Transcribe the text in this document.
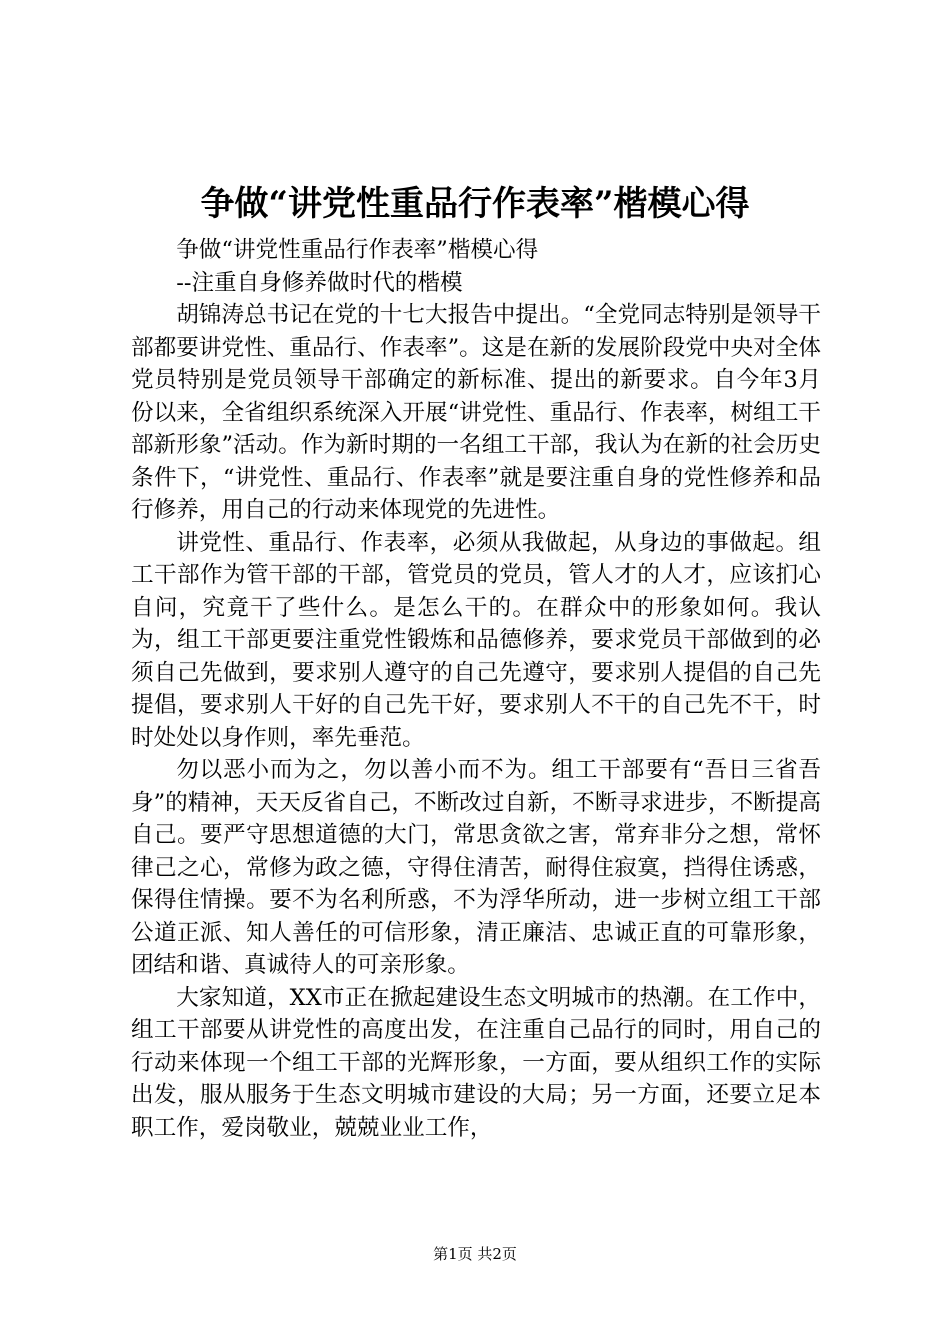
争做“讲党性重品行作表率”楷模心得

争做“讲党性重品行作表率”楷模心得

--注重自身修养做时代的楷模

胡锦涛总书记在党的十七大报告中提出。“全党同志特别是领导干部都要讲党性、重品行、作表率”。这是在新的发展阶段党中央对全体党员特别是党员领导干部确定的新标准、提出的新要求。自今年3月份以来，全省组织系统深入开展“讲党性、重品行、作表率，树组工干部新形象”活动。作为新时期的一名组工干部，我认为在新的社会历史条件下，“讲党性、重品行、作表率”就是要注重自身的党性修养和品行修养，用自己的行动来体现党的先进性。

讲党性、重品行、作表率，必须从我做起，从身边的事做起。组工干部作为管干部的干部，管党员的党员，管人才的人才，应该扪心自问，究竟干了些什么。是怎么干的。在群众中的形象如何。我认为，组工干部更要注重党性锻炼和品德修养，要求党员干部做到的必须自己先做到，要求别人遵守的自己先遵守，要求别人提倡的自己先提倡，要求别人干好的自己先干好，要求别人不干的自己先不干，时时处处以身作则，率先垂范。

勿以恶小而为之，勿以善小而不为。组工干部要有“吾日三省吾身”的精神，天天反省自己，不断改过自新，不断寻求进步，不断提高自己。要严守思想道德的大门，常思贪欲之害，常弃非分之想，常怀律己之心，常修为政之德，守得住清苦，耐得住寂寞，挡得住诱惑，保得住情操。要不为名利所惑，不为浮华所动，进一步树立组工干部公道正派、知人善任的可信形象，清正廉洁、忠诚正直的可靠形象，团结和谐、真诚待人的可亲形象。

大家知道，XX市正在掀起建设生态文明城市的热潮。在工作中，组工干部要从讲党性的高度出发，在注重自己品行的同时，用自己的行动来体现一个组工干部的光辉形象，一方面，要从组织工作的实际出发，服从服务于生态文明城市建设的大局；另一方面，还要立足本职工作，爱岗敬业，兢兢业业工作，

第1页 共2页
